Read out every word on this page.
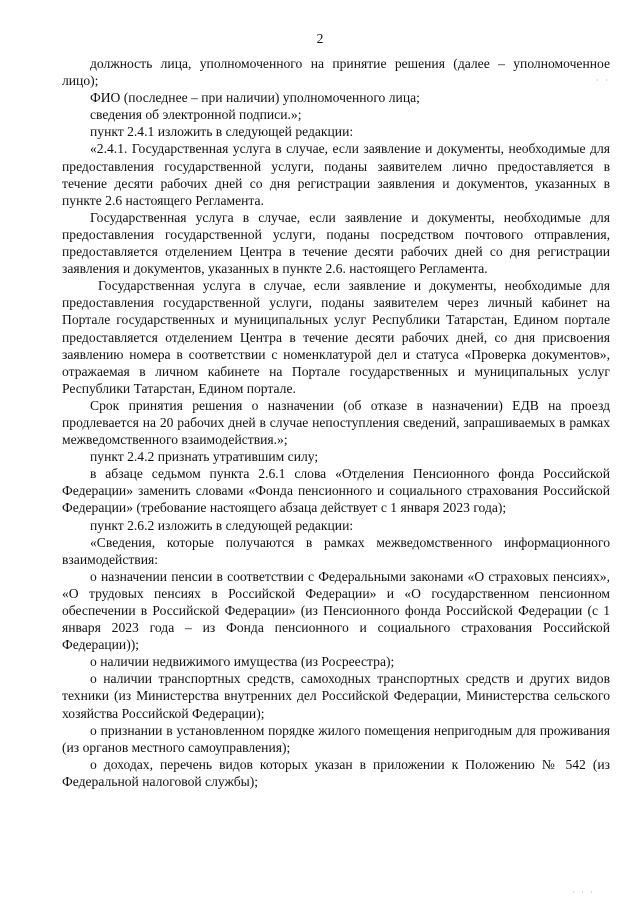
2

должность лица, уполномоченного на принятие решения (далее – уполномоченное лицо);

ФИО (последнее – при наличии) уполномоченного лица;

сведения об электронной подписи.»;

пункт 2.4.1 изложить в следующей редакции:

«2.4.1. Государственная услуга в случае, если заявление и документы, необходимые для предоставления государственной услуги, поданы заявителем лично предоставляется в течение десяти рабочих дней со дня регистрации заявления и документов, указанных в пункте 2.6 настоящего Регламента.

Государственная услуга в случае, если заявление и документы, необходимые для предоставления государственной услуги, поданы посредством почтового отправления, предоставляется отделением Центра в течение десяти рабочих дней со дня регистрации заявления и документов, указанных в пункте 2.6. настоящего Регламента.

Государственная услуга в случае, если заявление и документы, необходимые для предоставления государственной услуги, поданы заявителем через личный кабинет на Портале государственных и муниципальных услуг Республики Татарстан, Едином портале предоставляется отделением Центра в течение десяти рабочих дней, со дня присвоения заявлению номера в соответствии с номенклатурой дел и статуса «Проверка документов», отражаемая в личном кабинете на Портале государственных и муниципальных услуг Республики Татарстан, Едином портале.

Срок принятия решения о назначении (об отказе в назначении) ЕДВ на проезд продлевается на 20 рабочих дней в случае непоступления сведений, запрашиваемых в рамках межведомственного взаимодействия.»;

пункт 2.4.2 признать утратившим силу;

в абзаце седьмом пункта 2.6.1 слова «Отделения Пенсионного фонда Российской Федерации» заменить словами «Фонда пенсионного и социального страхования Российской Федерации» (требование настоящего абзаца действует с 1 января 2023 года);

пункт 2.6.2 изложить в следующей редакции:

«Сведения, которые получаются в рамках межведомственного информационного взаимодействия:

о назначении пенсии в соответствии с Федеральными законами «О страховых пенсиях», «О трудовых пенсиях в Российской Федерации» и «О государственном пенсионном обеспечении в Российской Федерации» (из Пенсионного фонда Российской Федерации (с 1 января 2023 года – из Фонда пенсионного и социального страхования Российской Федерации));

о наличии недвижимого имущества (из Росреестра);

о наличии транспортных средств, самоходных транспортных средств и других видов техники (из Министерства внутренних дел Российской Федерации, Министерства сельского хозяйства Российской Федерации);

о признании в установленном порядке жилого помещения непригодным для проживания (из органов местного самоуправления);

о доходах, перечень видов которых указан в приложении к Положению № 542 (из Федеральной налоговой службы);

· ·
· · ·
